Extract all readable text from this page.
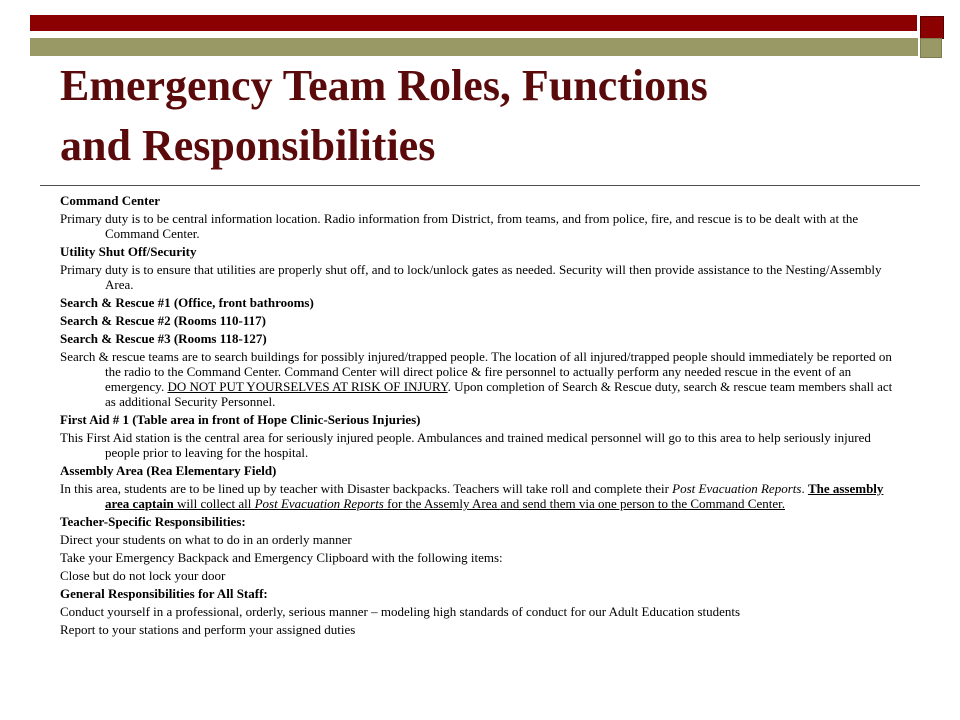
Emergency Team Roles, Functions
and Responsibilities

Command Center

Primary duty is to be central information location. Radio information from District, from teams, and from police, fire, and rescue is to be dealt with at the Command Center.

Utility Shut Off/Security

Primary duty is to ensure that utilities are properly shut off, and to lock/unlock gates as needed. Security will then provide assistance to the Nesting/Assembly Area.

Search & Rescue #1 (Office, front bathrooms)

Search & Rescue #2 (Rooms 110-117)

Search & Rescue #3 (Rooms 118-127)

Search & rescue teams are to search buildings for possibly injured/trapped people. The location of all injured/trapped people should immediately be reported on the radio to the Command Center. Command Center will direct police & fire personnel to actually perform any needed rescue in the event of an emergency. DO NOT PUT YOURSELVES AT RISK OF INJURY. Upon completion of Search & Rescue duty, search & rescue team members shall act as additional Security Personnel.

First Aid # 1 (Table area in front of Hope Clinic-Serious Injuries)

This First Aid station is the central area for seriously injured people. Ambulances and trained medical personnel will go to this area to help seriously injured people prior to leaving for the hospital.

Assembly Area (Rea Elementary Field)

In this area, students are to be lined up by teacher with Disaster backpacks. Teachers will take roll and complete their Post Evacuation Reports. The assembly area captain will collect all Post Evacuation Reports for the Assemly Area and send them via one person to the Command Center.

Teacher-Specific Responsibilities:

Direct your students on what to do in an orderly manner

Take your Emergency Backpack and Emergency Clipboard with the following items:

Close but do not lock your door

General Responsibilities for All Staff:

Conduct yourself in a professional, orderly, serious manner – modeling high standards of conduct for our Adult Education students

Report to your stations and perform your assigned duties
